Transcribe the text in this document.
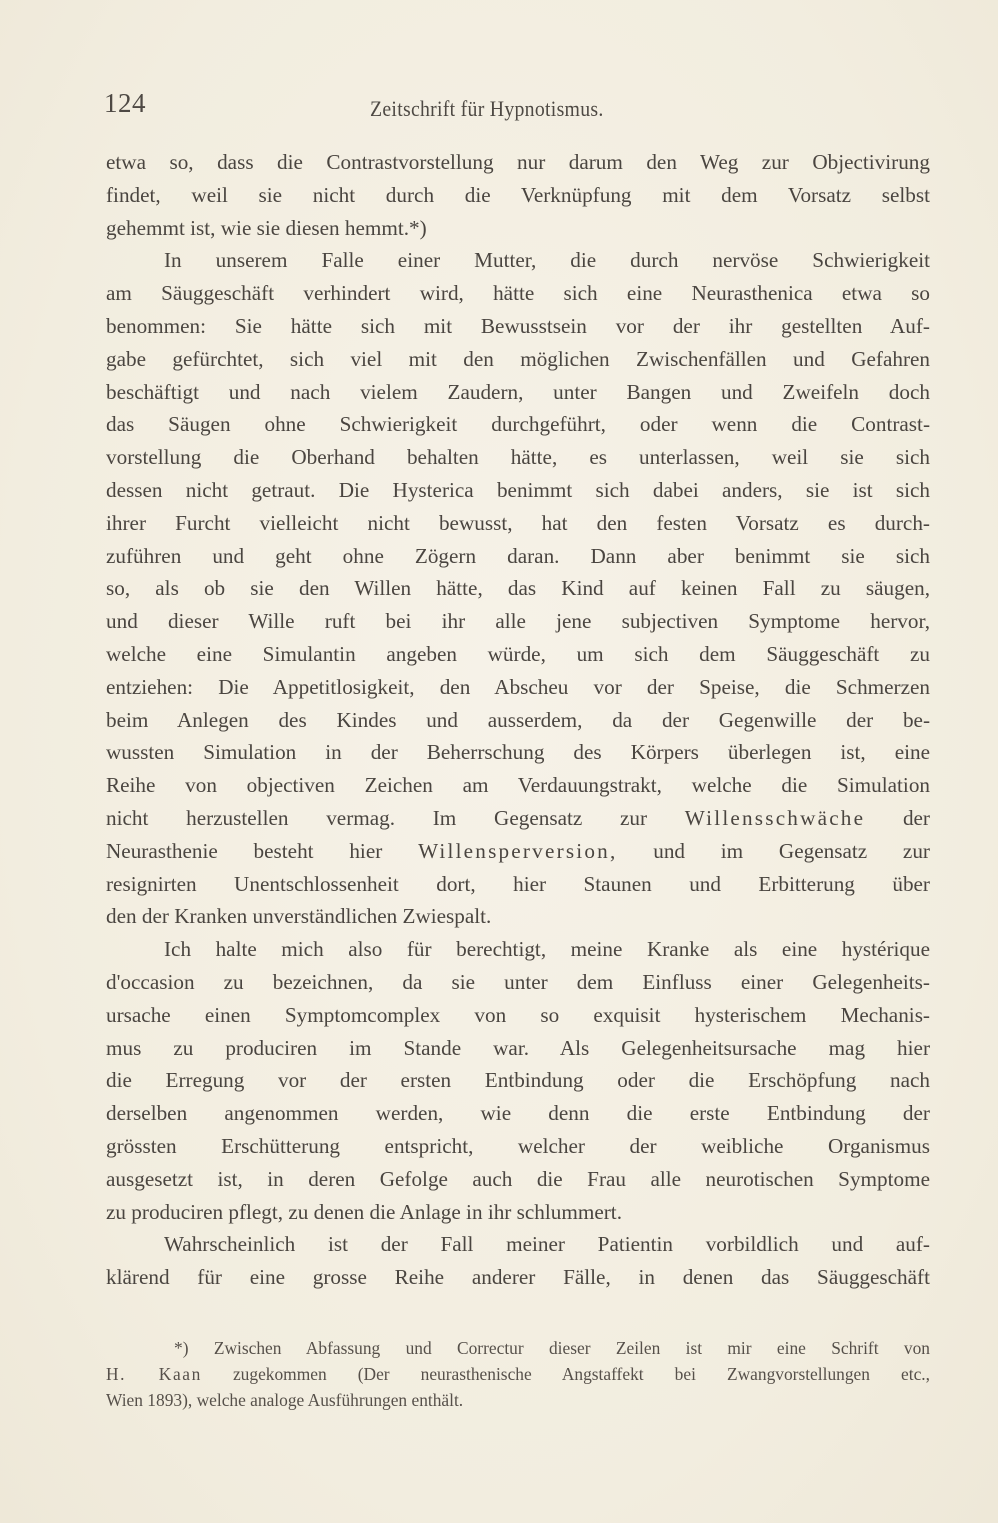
124	Zeitschrift für Hypnotismus.
etwa so, dass die Contrastvorstellung nur darum den Weg zur Objectivirung
findet, weil sie nicht durch die Verknüpfung mit dem Vorsatz selbst
gehemmt ist, wie sie diesen hemmt.*)
In unserem Falle einer Mutter, die durch nervöse Schwierigkeit
am Säuggeschäft verhindert wird, hätte sich eine Neurasthenica etwa so
benommen: Sie hätte sich mit Bewusstsein vor der ihr gestellten Auf-
gabe gefürchtet, sich viel mit den möglichen Zwischenfällen und Gefahren
beschäftigt und nach vielem Zaudern, unter Bangen und Zweifeln doch
das Säugen ohne Schwierigkeit durchgeführt, oder wenn die Contrast-
vorstellung die Oberhand behalten hätte, es unterlassen, weil sie sich
dessen nicht getraut. Die Hysterica benimmt sich dabei anders, sie ist sich
ihrer Furcht vielleicht nicht bewusst, hat den festen Vorsatz es durch-
zuführen und geht ohne Zögern daran. Dann aber benimmt sie sich
so, als ob sie den Willen hätte, das Kind auf keinen Fall zu säugen,
und dieser Wille ruft bei ihr alle jene subjectiven Symptome hervor,
welche eine Simulantin angeben würde, um sich dem Säuggeschäft zu
entziehen: Die Appetitlosigkeit, den Abscheu vor der Speise, die Schmerzen
beim Anlegen des Kindes und ausserdem, da der Gegenwille der be-
wussten Simulation in der Beherrschung des Körpers überlegen ist, eine
Reihe von objectiven Zeichen am Verdauungstrakt, welche die Simulation
nicht herzustellen vermag. Im Gegensatz zur Willensschwäche der
Neurasthenie besteht hier Willensperversion, und im Gegensatz zur
resignirten Unentschlossenheit dort, hier Staunen und Erbitterung über
den der Kranken unverständlichen Zwiespalt.
Ich halte mich also für berechtigt, meine Kranke als eine hystérique
d'occasion zu bezeichnen, da sie unter dem Einfluss einer Gelegenheits-
ursache einen Symptomcomplex von so exquisit hysterischem Mechanis-
mus zu produciren im Stande war. Als Gelegenheitsursache mag hier
die Erregung vor der ersten Entbindung oder die Erschöpfung nach
derselben angenommen werden, wie denn die erste Entbindung der
grössten Erschütterung entspricht, welcher der weibliche Organismus
ausgesetzt ist, in deren Gefolge auch die Frau alle neurotischen Symptome
zu produciren pflegt, zu denen die Anlage in ihr schlummert.
Wahrscheinlich ist der Fall meiner Patientin vorbildlich und auf-
klärend für eine grosse Reihe anderer Fälle, in denen das Säuggeschäft
*) Zwischen Abfassung und Correctur dieser Zeilen ist mir eine Schrift von
H. Kaan zugekommen (Der neurasthenische Angstaffekt bei Zwangvorstellungen etc.,
Wien 1893), welche analoge Ausführungen enthält.
